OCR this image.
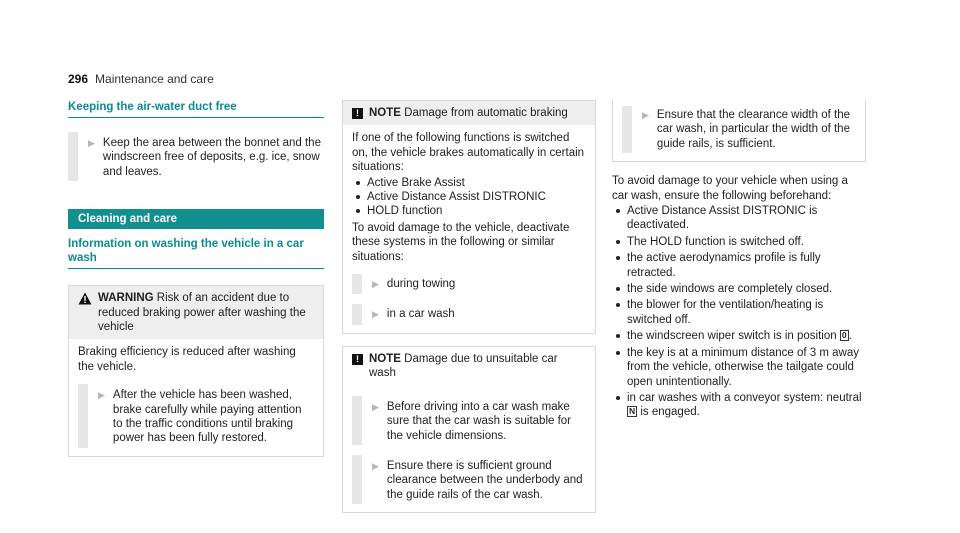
296 Maintenance and care
Keeping the air-water duct free
▶ Keep the area between the bonnet and the windscreen free of deposits, e.g. ice, snow and leaves.
Cleaning and care
Information on washing the vehicle in a car wash
WARNING Risk of an accident due to reduced braking power after washing the vehicle
Braking efficiency is reduced after washing the vehicle.
▶ After the vehicle has been washed, brake carefully while paying attention to the traffic conditions until braking power has been fully restored.
! NOTE Damage from automatic braking
If one of the following functions is switched on, the vehicle brakes automatically in certain situations:
Active Brake Assist
Active Distance Assist DISTRONIC
HOLD function
To avoid damage to the vehicle, deactivate these systems in the following or similar situations:
▶ during towing
▶ in a car wash
! NOTE Damage due to unsuitable car wash
▶ Before driving into a car wash make sure that the car wash is suitable for the vehicle dimensions.
▶ Ensure there is sufficient ground clearance between the underbody and the guide rails of the car wash.
▶ Ensure that the clearance width of the car wash, in particular the width of the guide rails, is sufficient.
To avoid damage to your vehicle when using a car wash, ensure the following beforehand:
Active Distance Assist DISTRONIC is deactivated.
The HOLD function is switched off.
the active aerodynamics profile is fully retracted.
the side windows are completely closed.
the blower for the ventilation/heating is switched off.
the windscreen wiper switch is in position 0 .
the key is at a minimum distance of 3 m away from the vehicle, otherwise the tailgate could open unintentionally.
in car washes with a conveyor system: neutral N is engaged.
